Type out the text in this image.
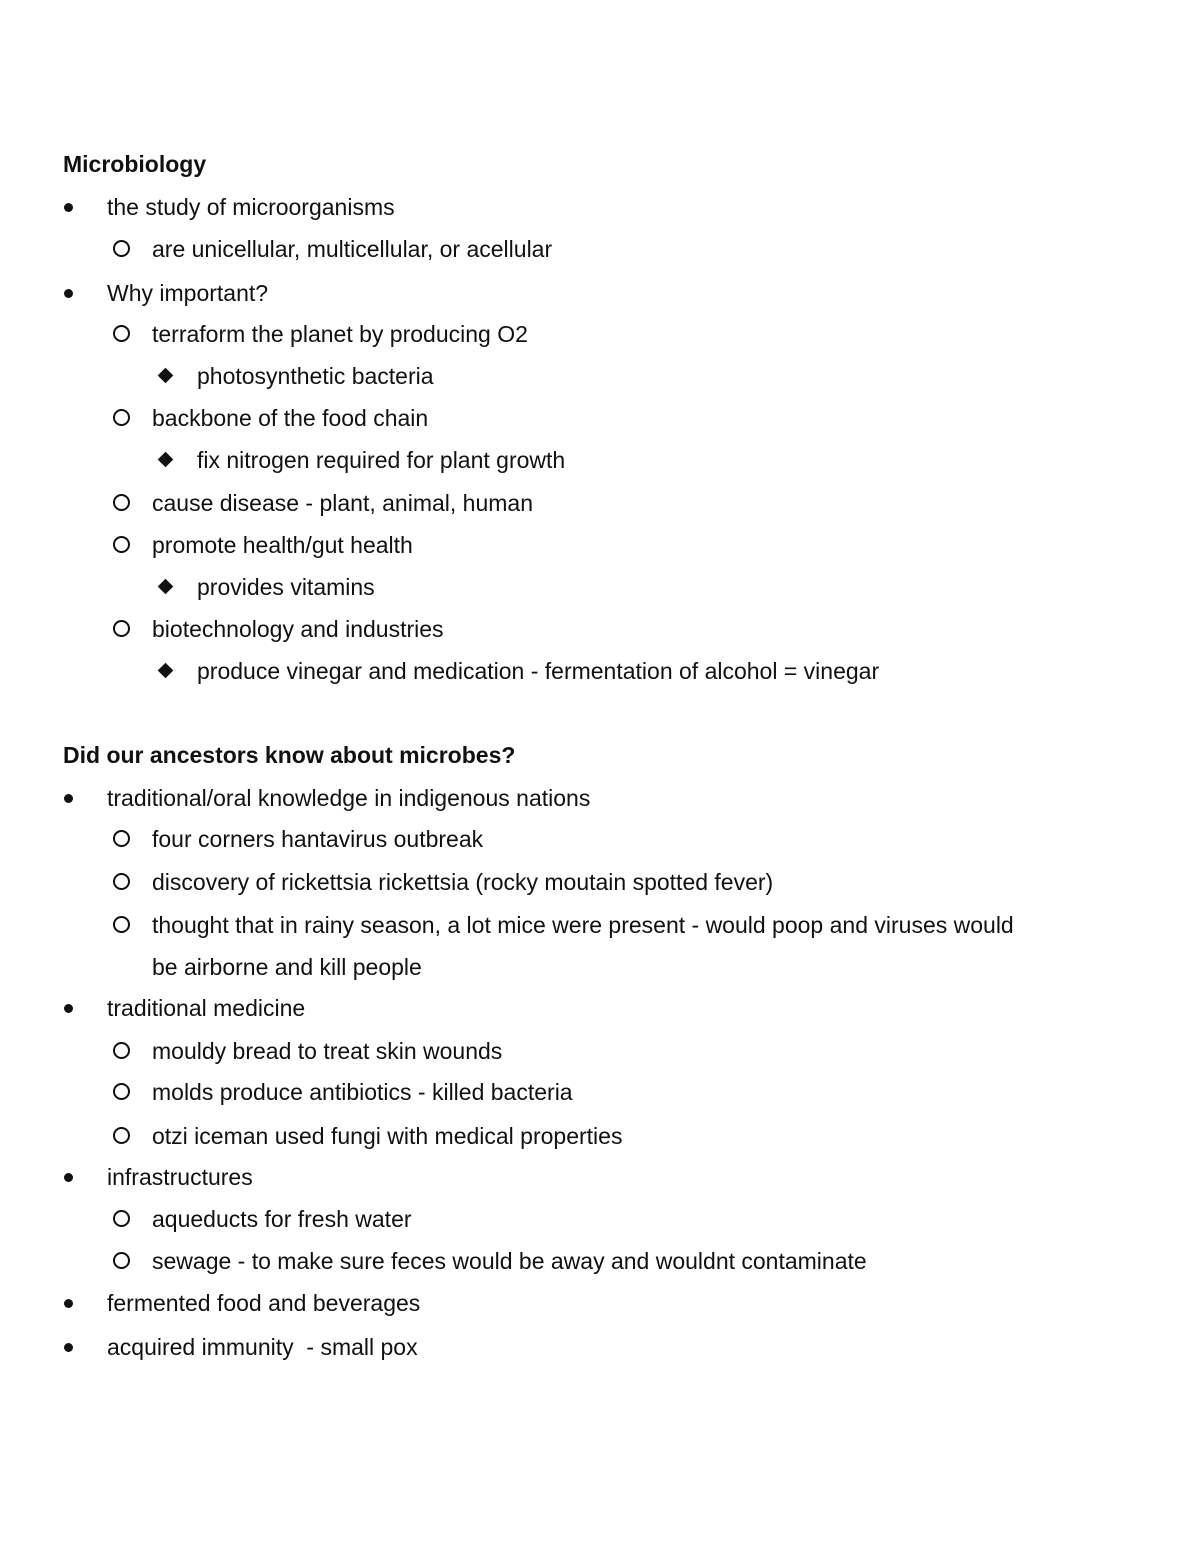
Microbiology
the study of microorganisms
are unicellular, multicellular, or acellular
Why important?
terraform the planet by producing O2
photosynthetic bacteria
backbone of the food chain
fix nitrogen required for plant growth
cause disease - plant, animal, human
promote health/gut health
provides vitamins
biotechnology and industries
produce vinegar and medication - fermentation of alcohol = vinegar
Did our ancestors know about microbes?
traditional/oral knowledge in indigenous nations
four corners hantavirus outbreak
discovery of rickettsia rickettsia (rocky moutain spotted fever)
thought that in rainy season, a lot mice were present - would poop and viruses would
be airborne and kill people
traditional medicine
mouldy bread to treat skin wounds
molds produce antibiotics - killed bacteria
otzi iceman used fungi with medical properties
infrastructures
aqueducts for fresh water
sewage - to make sure feces would be away and wouldnt contaminate
fermented food and beverages
acquired immunity  - small pox
